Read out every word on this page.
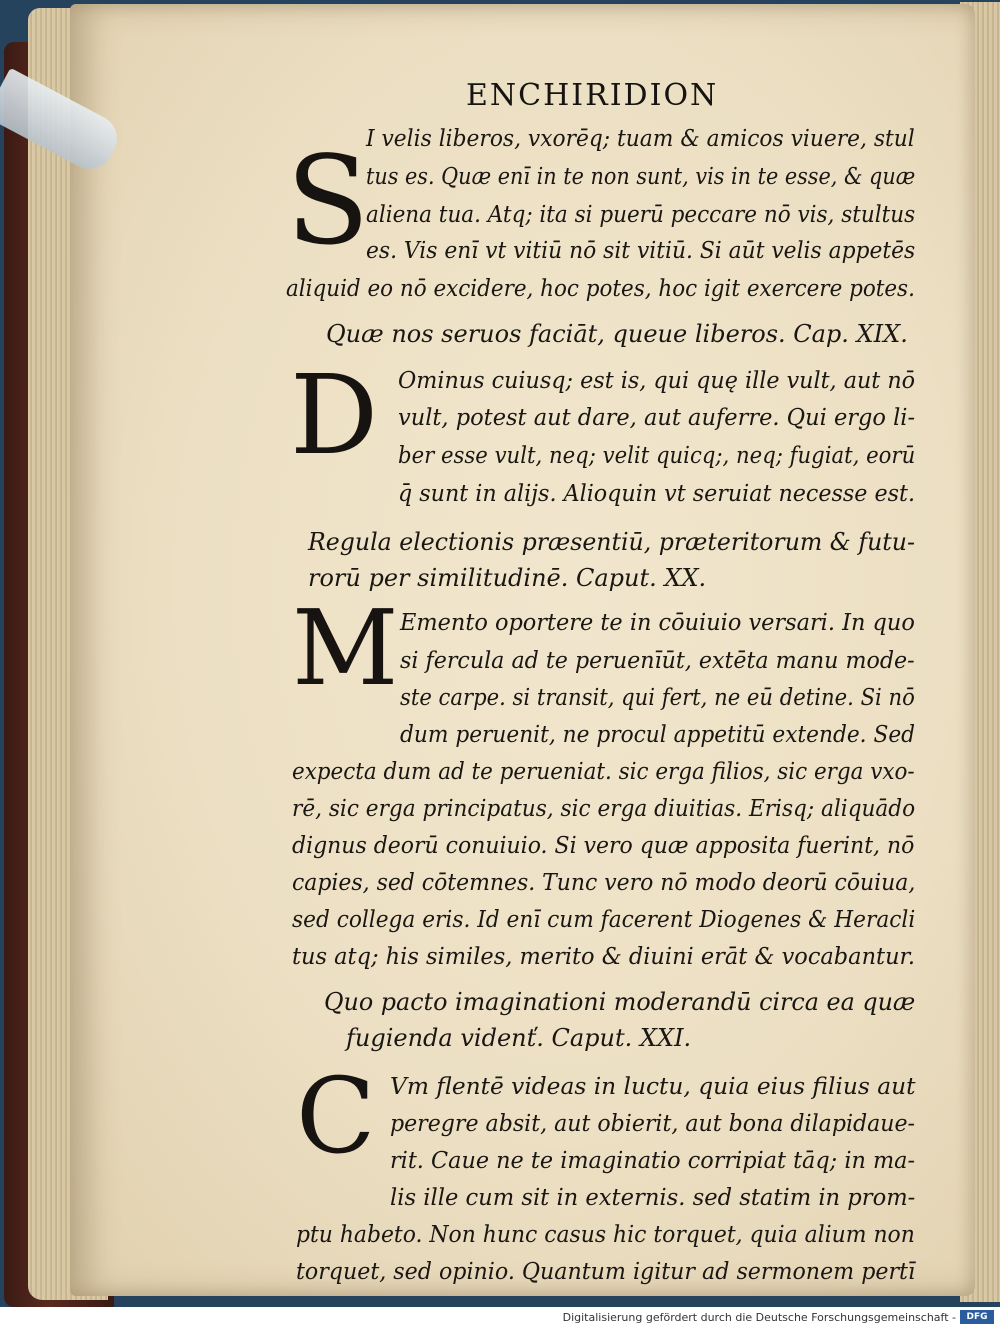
ENCHIRIDION
S
I velis liberos, vxorēq; tuam & amicos viuere, stul
tus es. Quæ enī in te non sunt, vis in te esse, & quæ
aliena tua. Atq; ita si puerū peccare nō vis, stultus
es. Vis enī vt vitiū nō sit vitiū. Si aūt velis appetēs
aliquid eo nō excidere, hoc potes, hoc igit exercere potes.
Quæ nos seruos faciāt, queue liberos. Cap. XIX.
D Ominus cuiusq; est is, qui quę ille vult, aut nō
vult, potest aut dare, aut auferre. Qui ergo li-
ber esse vult, neq; velit quicq;, neq; fugiat, eorū
q̄ sunt in alijs. Alioquin vt seruiat necesse est.
Regula electionis præsentiū, præteritorum & futu-
rorū per similitudinē. Caput. XX.
M Emento oportere te in cōuiuio versari. In quo
si fercula ad te peruenīūt, extēta manu mode-
ste carpe. si transit, qui fert, ne eū detine. Si nō
dum peruenit, ne procul appetitū extende. Sed
expecta dum ad te perueniat. sic erga filios, sic erga vxo-
rē, sic erga principatus, sic erga diuitias. Erisq; aliquādo
dignus deorū conuiuio. Si vero quæ apposita fuerint, nō
capies, sed cōtemnes. Tunc vero nō modo deorū cōuiua,
sed collega eris. Id enī cum facerent Diogenes & Heracli
tus atq; his similes, merito & diuini erāt & vocabantur.
Quo pacto imaginationi moderandū circa ea quæ
fugienda videnť. Caput. XXI.
C Vm flentē videas in luctu, quia eius filius aut
peregre absit, aut obierit, aut bona dilapidaue-
rit. Caue ne te imaginatio corripiat tāq; in ma-
lis ille cum sit in externis. sed statim in prom-
ptu habeto. Non hunc casus hic torquet, quia alium non
torquet, sed opinio. Quantum igitur ad sermonem pertī
Digitalisierung gefördert durch die Deutsche Forschungsgemeinschaft -	DFG
